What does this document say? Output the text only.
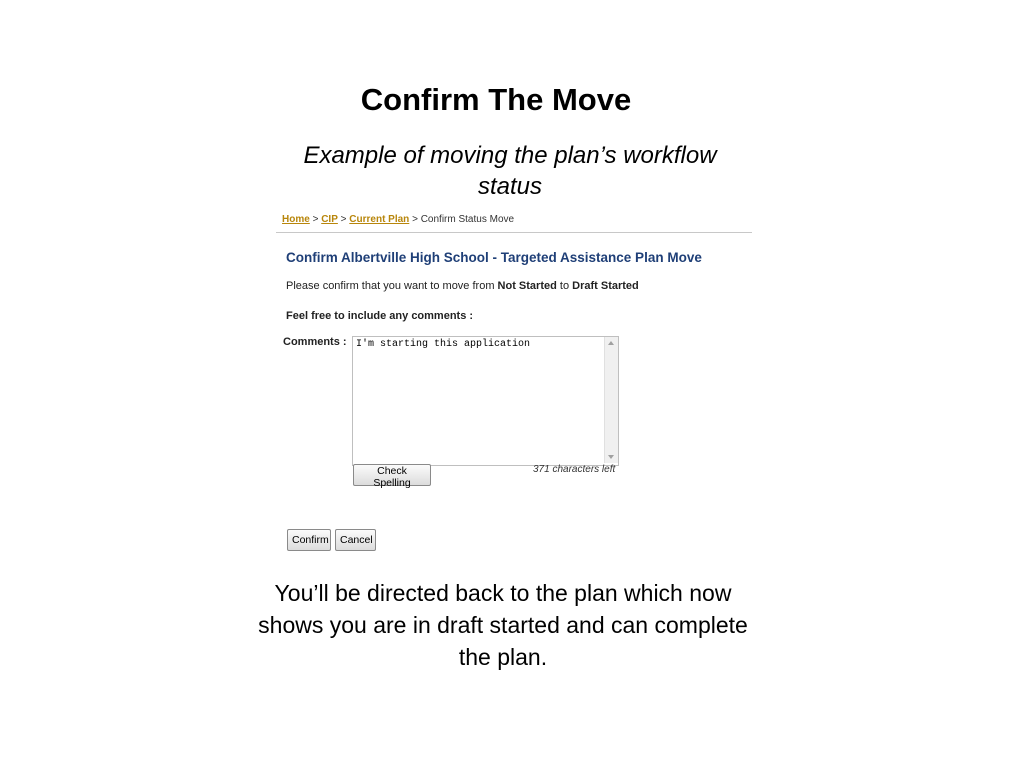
Confirm The Move

Example of moving the plan’s workflow status

Home > CIP > Current Plan > Confirm Status Move
Confirm Albertville High School - Targeted Assistance Plan Move
Please confirm that you want to move from Not Started to Draft Started
Feel free to include any comments :
Comments :
I'm starting this application
Check Spelling
371 characters left
Confirm	Cancel

You’ll be directed back to the plan which now shows you are in draft started and can complete the plan.
